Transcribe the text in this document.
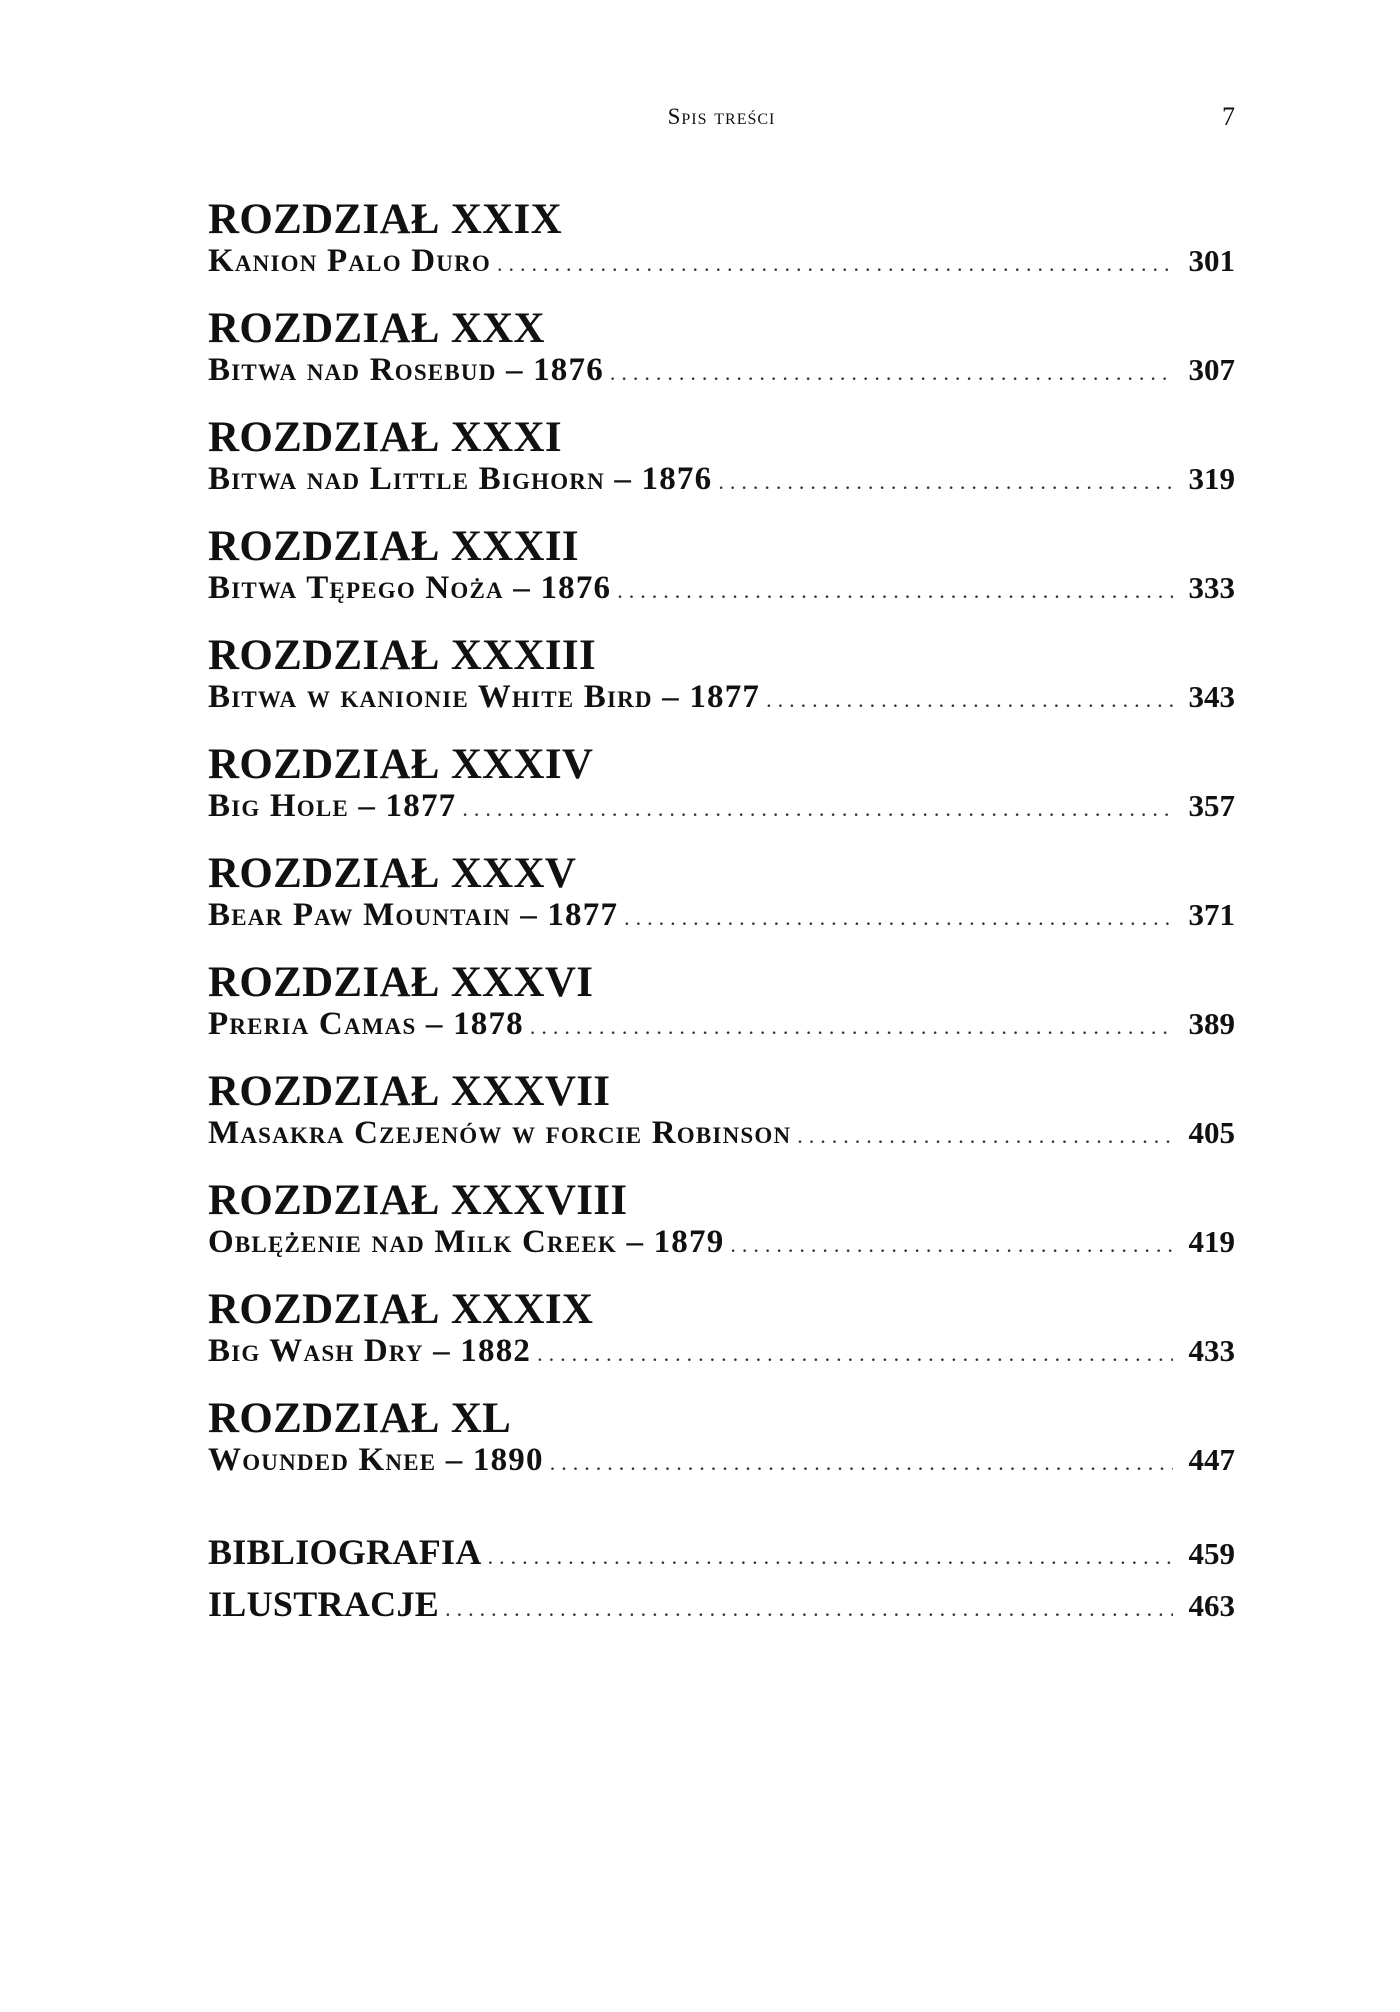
Spis treści	7
ROZDZIAŁ XXIX
Kanion Palo Duro .....	301
ROZDZIAŁ XXX
Bitwa nad Rosebud – 1876 .....	307
ROZDZIAŁ XXXI
Bitwa nad Little Bighorn – 1876 .....	319
ROZDZIAŁ XXXII
Bitwa Tępego Noża – 1876 .....	333
ROZDZIAŁ XXXIII
Bitwa w kanionie White Bird – 1877 .....	343
ROZDZIAŁ XXXIV
Big Hole – 1877 .....	357
ROZDZIAŁ XXXV
Bear Paw Mountain – 1877 .....	371
ROZDZIAŁ XXXVI
Preria Camas – 1878 .....	389
ROZDZIAŁ XXXVII
Masakra Czejenów w forcie Robinson .....	405
ROZDZIAŁ XXXVIII
Oblężenie nad Milk Creek – 1879 .....	419
ROZDZIAŁ XXXIX
Big Wash Dry – 1882 .....	433
ROZDZIAŁ XL
Wounded Knee – 1890 .....	447
BIBLIOGRAFIA .....	459
ILUSTRACJE .....	463
